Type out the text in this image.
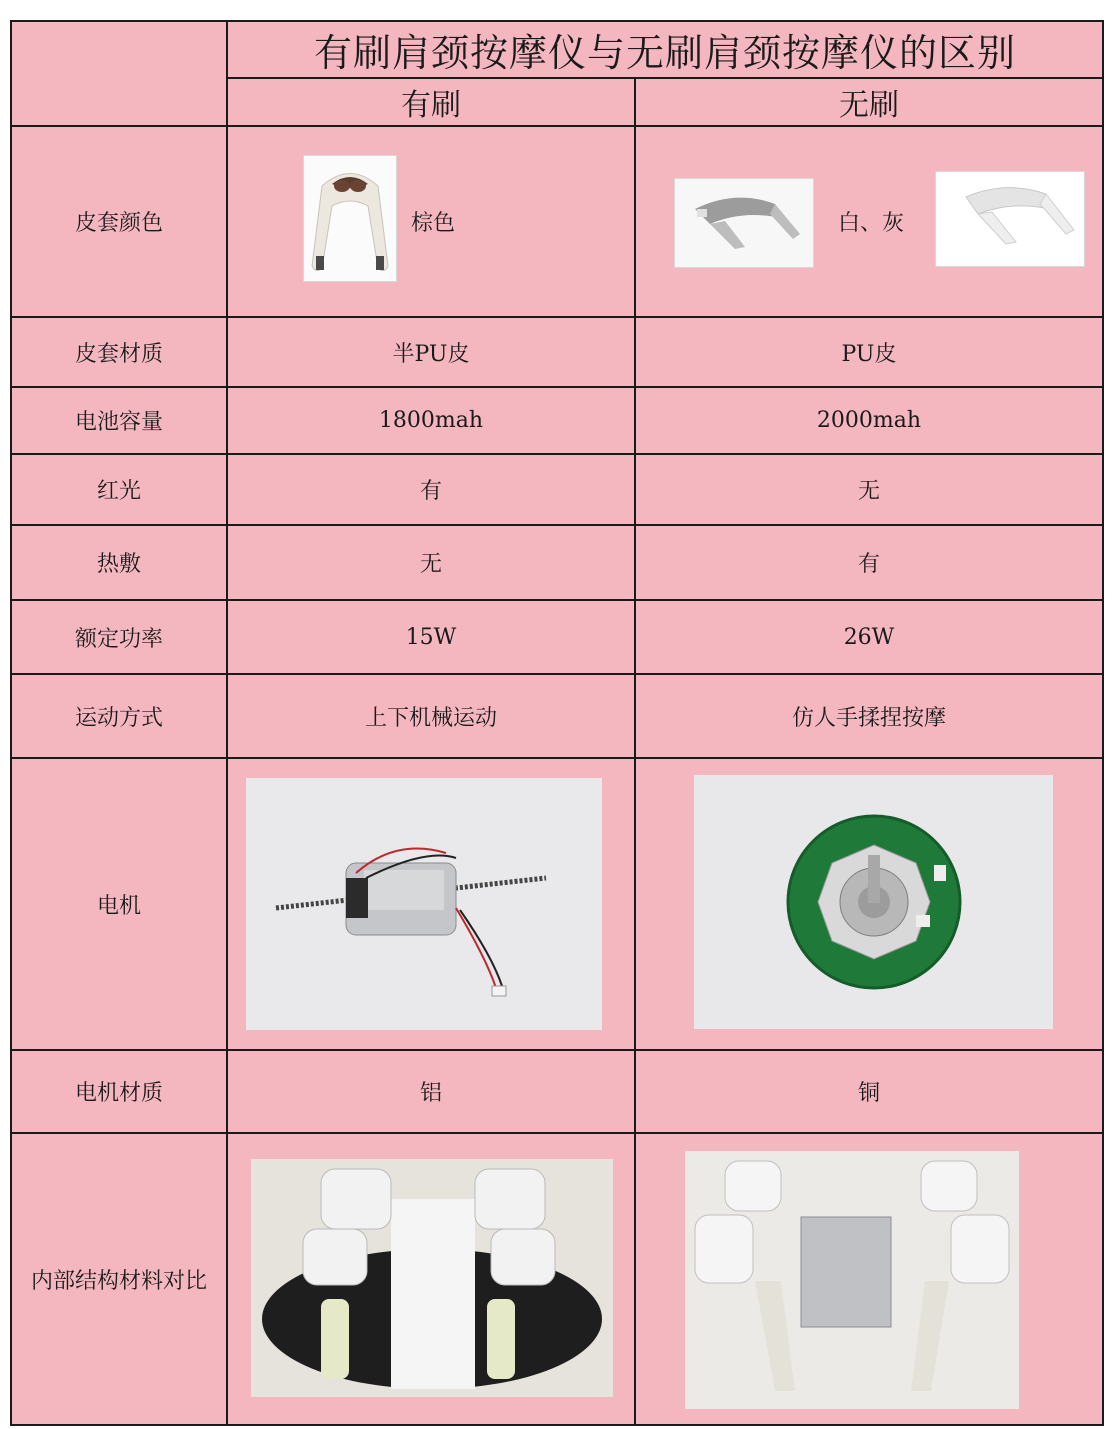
有刷肩颈按摩仪与无刷肩颈按摩仪的区别
有刷	无刷
皮套颜色	棕色	白、灰
皮套材质	半PU皮	PU皮
电池容量	1800mah	2000mah
红光	有	无
热敷	无	有
额定功率	15W	26W
运动方式	上下机械运动	仿人手揉捏按摩
电机
电机材质	铝	铜
内部结构材料对比
